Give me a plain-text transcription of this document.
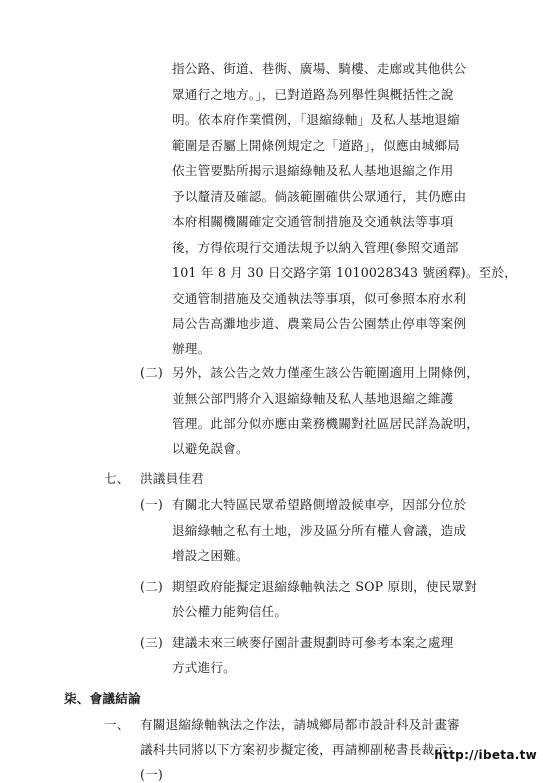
指公路、街道、巷衖、廣場、騎樓、走廊或其他供公
眾通行之地方。」，已對道路為列舉性與概括性之說
明。依本府作業慣例，「退縮綠軸」及私人基地退縮
範圍是否屬上開條例規定之「道路」，似應由城鄉局
依主管要點所揭示退縮綠軸及私人基地退縮之作用
予以釐清及確認。倘該範圍確供公眾通行，其仍應由
本府相關機關確定交通管制措施及交通執法等事項
後，方得依現行交通法規予以納入管理(參照交通部
101 年 8 月 30 日交路字第 1010028343 號函釋)。至於，
交通管制措施及交通執法等事項，似可參照本府水利
局公告高灘地步道、農業局公告公園禁止停車等案例
辦理。
(二) 另外，該公告之效力僅產生該公告範圍適用上開條例，
並無公部門將介入退縮綠軸及私人基地退縮之維護
管理。此部分似亦應由業務機關對社區居民詳為說明，
以避免誤會。
七、 洪議員佳君
(一) 有關北大特區民眾希望路側增設候車亭，因部分位於
退縮綠軸之私有土地，涉及區分所有權人會議，造成
增設之困難。
(二) 期望政府能擬定退縮綠軸執法之 SOP 原則，使民眾對
於公權力能夠信任。
(三) 建議未來三峽麥仔園計畫規劃時可參考本案之處理
方式進行。
柒、會議結論
一、 有關退縮綠軸執法之作法，請城鄉局都市設計科及計畫審
議科共同將以下方案初步擬定後，再請柳副秘書長裁示：
(一)
http://ibeta.tw
